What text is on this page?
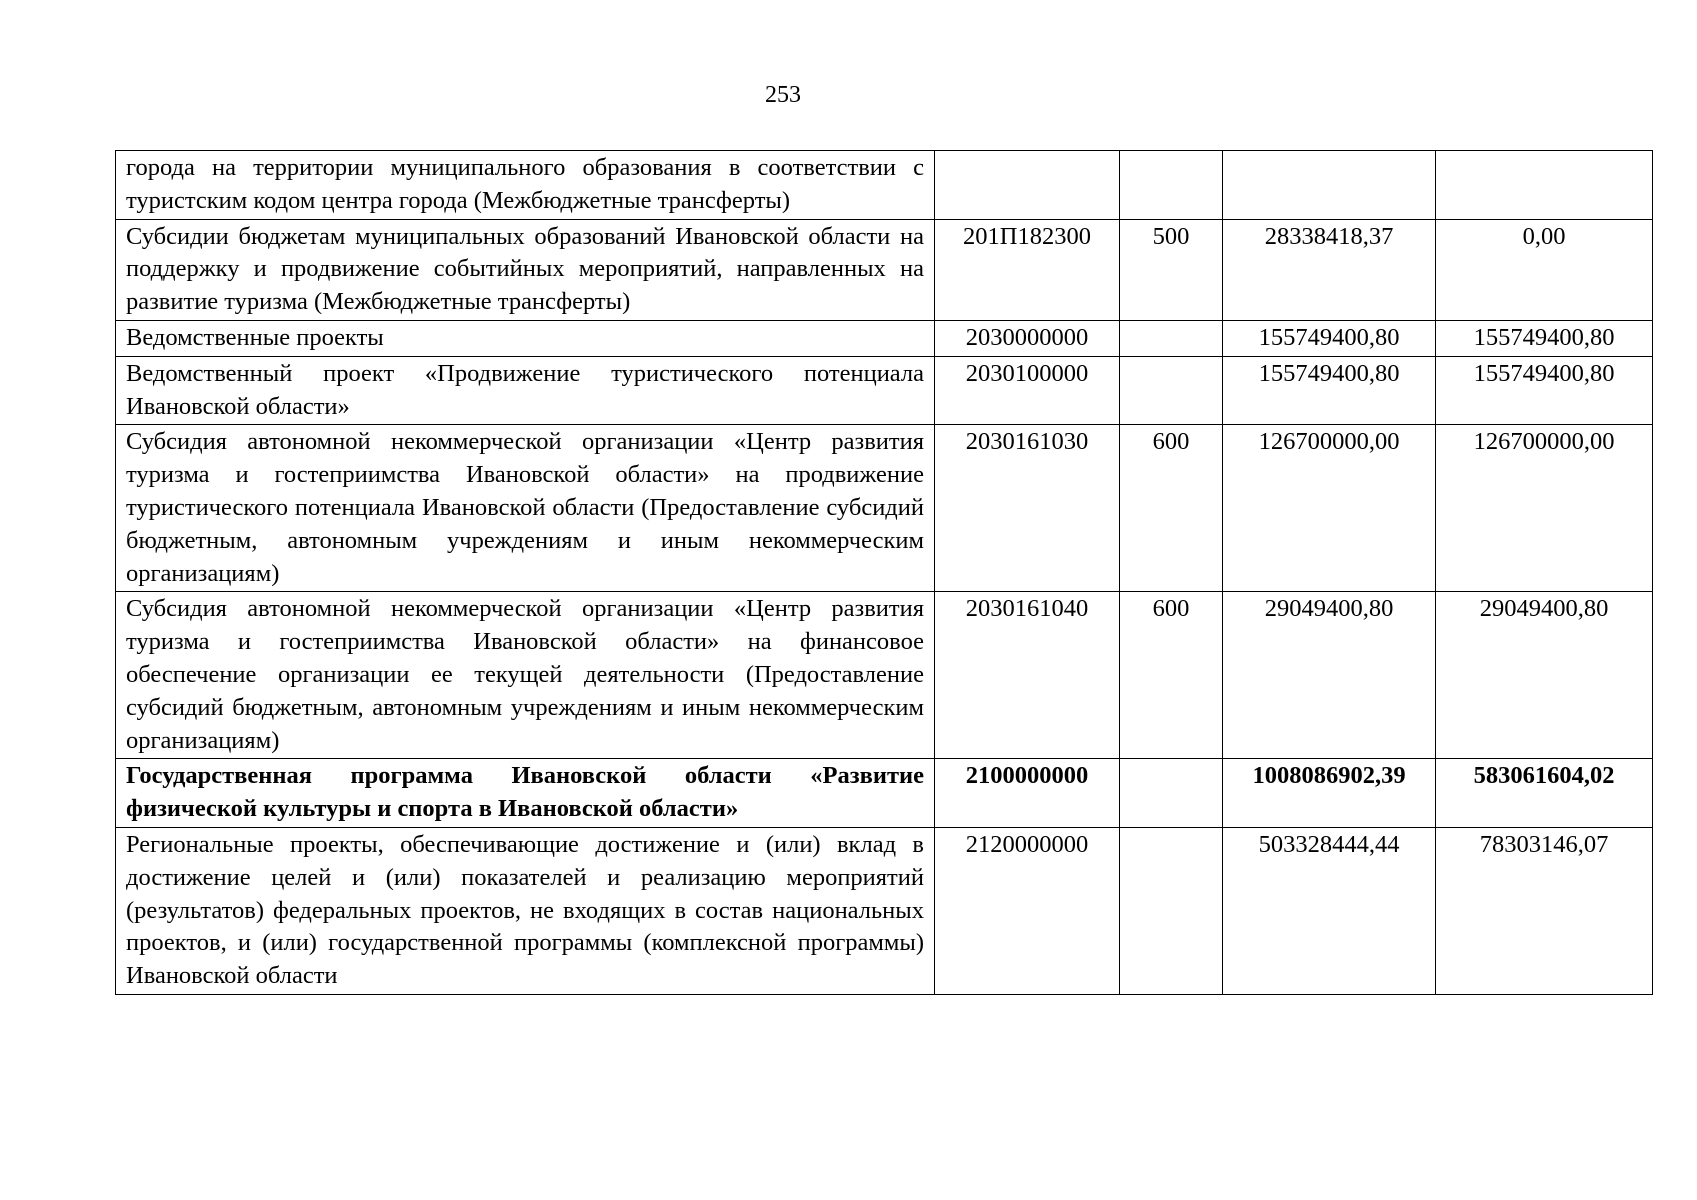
253
города на территории муниципального образования в соответствии с туристским кодом центра города (Межбюджетные трансферты)				
Субсидии бюджетам муниципальных образований Ивановской области на поддержку и продвижение событийных мероприятий, направленных на развитие туризма (Межбюджетные трансферты)	201П182300	500	28338418,37	0,00
Ведомственные проекты	2030000000		155749400,80	155749400,80
Ведомственный проект «Продвижение туристического потенциала Ивановской области»	2030100000		155749400,80	155749400,80
Субсидия автономной некоммерческой организации «Центр развития туризма и гостеприимства Ивановской области» на продвижение туристического потенциала Ивановской области (Предоставление субсидий бюджетным, автономным учреждениям и иным некоммерческим организациям)	2030161030	600	126700000,00	126700000,00
Субсидия автономной некоммерческой организации «Центр развития туризма и гостеприимства Ивановской области» на финансовое обеспечение организации ее текущей деятельности (Предоставление субсидий бюджетным, автономным учреждениям и иным некоммерческим организациям)	2030161040	600	29049400,80	29049400,80
Государственная программа Ивановской области «Развитие физической культуры и спорта в Ивановской области»	2100000000		1008086902,39	583061604,02
Региональные проекты, обеспечивающие достижение и (или) вклад в достижение целей и (или) показателей и реализацию мероприятий (результатов) федеральных проектов, не входящих в состав национальных проектов, и (или) государственной программы (комплексной программы) Ивановской области	2120000000		503328444,44	78303146,07
